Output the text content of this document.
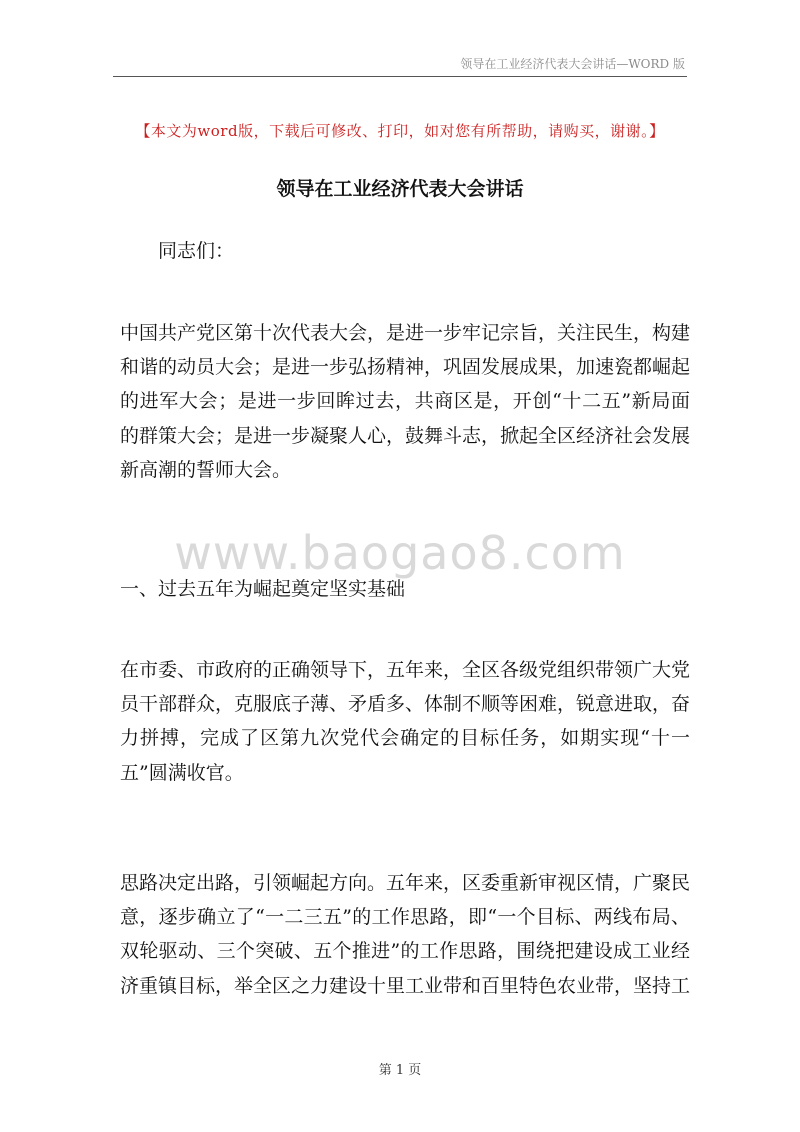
领导在工业经济代表大会讲话—WORD 版
【本文为word版，下载后可修改、打印，如对您有所帮助，请购买，谢谢。】
领导在工业经济代表大会讲话

同志们：

中国共产党区第十次代表大会，是进一步牢记宗旨，关注民生，构建和谐的动员大会；是进一步弘扬精神，巩固发展成果，加速瓷都崛起的进军大会；是进一步回眸过去，共商区是，开创“十二五”新局面的群策大会；是进一步凝聚人心，鼓舞斗志，掀起全区经济社会发展新高潮的誓师大会。

一、过去五年为崛起奠定坚实基础

在市委、市政府的正确领导下，五年来，全区各级党组织带领广大党员干部群众，克服底子薄、矛盾多、体制不顺等困难，锐意进取，奋力拼搏，完成了区第九次党代会确定的目标任务，如期实现“十一五”圆满收官。

思路决定出路，引领崛起方向。五年来，区委重新审视区情，广聚民意，逐步确立了“一二三五”的工作思路，即“一个目标、两线布局、双轮驱动、三个突破、五个推进”的工作思路，围绕把建设成工业经济重镇目标，举全区之力建设十里工业带和百里特色农业带，坚持工

www.baogao8.com
第 1 页
